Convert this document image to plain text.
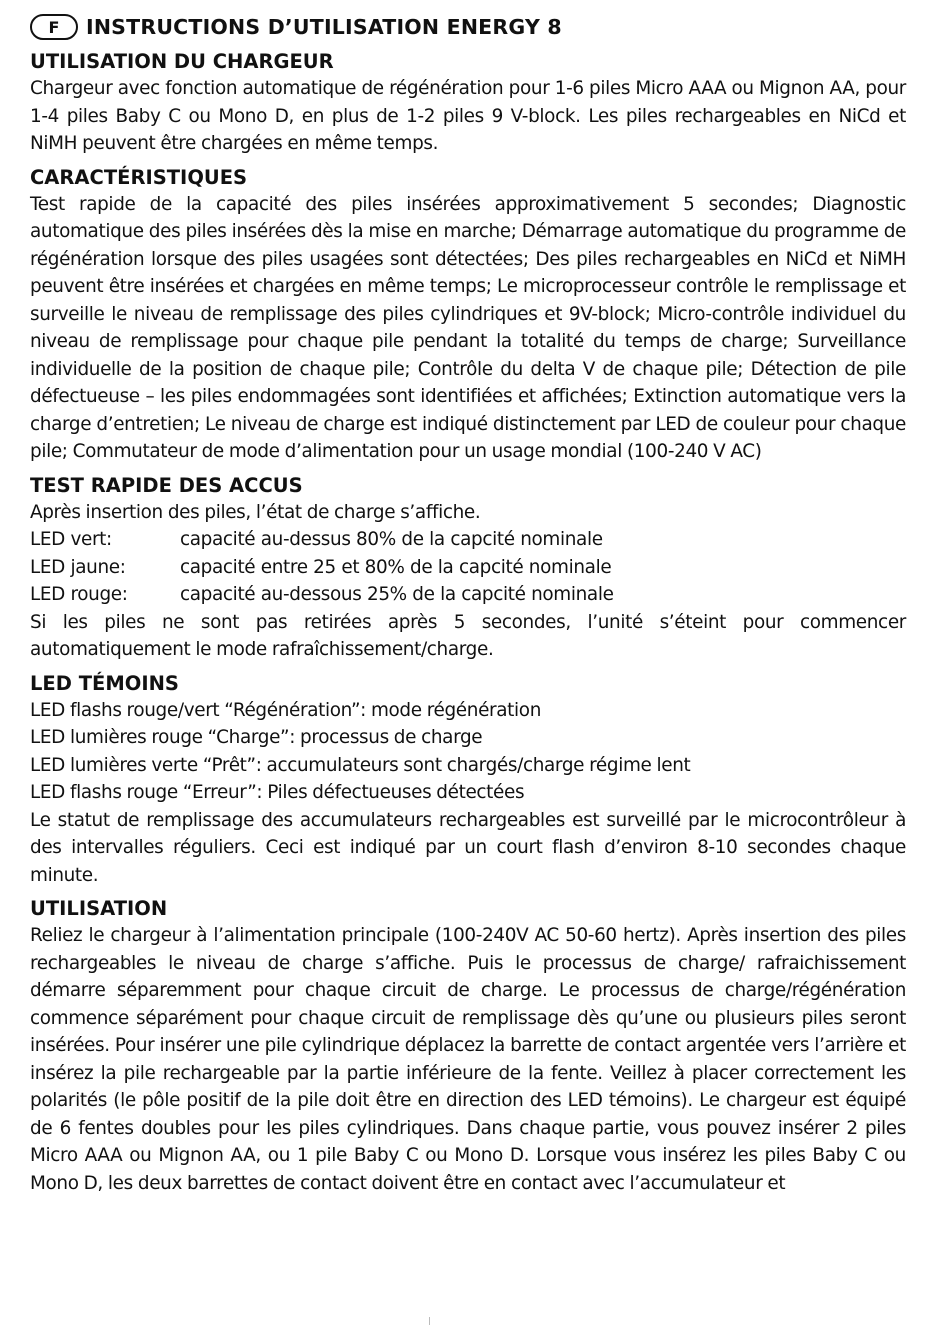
F	INSTRUCTIONS D’UTILISATION ENERGY 8
UTILISATION DU CHARGEUR

Chargeur avec fonction automatique de régénération pour 1-6 piles Micro AAA ou Mignon AA, pour 1-4 piles Baby C ou Mono D, en plus de 1-2 piles 9 V-block. Les piles rechargeables en NiCd et NiMH peuvent être chargées en même temps.

CARACTÉRISTIQUES

Test rapide de la capacité des piles insérées approximativement 5 secondes; Diagnostic automatique des piles insérées dès la mise en marche; Démarrage automatique du programme de régénération lorsque des piles usagées sont détectées; Des piles rechargeables en NiCd et NiMH peuvent être insérées et chargées en même temps; Le microprocesseur contrôle le remplissage et surveille le niveau de remplissage des piles cylindriques et 9V-block; Micro-contrôle individuel du niveau de remplissage pour chaque pile pendant la totalité du temps de charge; Surveillance individuelle de la position de chaque pile; Contrôle du delta V de chaque pile; Détection de pile défectueuse – les piles endommagées sont identifiées et affichées; Extinction automatique vers la charge d’entretien; Le niveau de charge est indiqué distinctement par LED de couleur pour chaque pile; Commutateur de mode d’alimentation pour un usage mondial (100-240 V AC)

TEST RAPIDE DES ACCUS
Après insertion des piles, l’état de charge s’affiche.
LED vert:	capacité au-dessus 80% de la capcité nominale
LED jaune:	capacité entre 25 et 80% de la capcité nominale
LED rouge:	capacité au-dessous 25% de la capcité nominale

Si les piles ne sont pas retirées après 5 secondes, l’unité s’éteint pour commencer automatiquement le mode rafraîchissement/charge.

LED TÉMOINS
LED flashs rouge/vert “Régénération”: mode régénération
LED lumières rouge “Charge”: processus de charge
LED lumières verte “Prêt”: accumulateurs sont chargés/charge régime lent
LED flashs rouge “Erreur”: Piles défectueuses détectées

Le statut de remplissage des accumulateurs rechargeables est surveillé par le microcontrôleur à des intervalles réguliers. Ceci est indiqué par un court flash d’environ 8-10 secondes chaque minute.

UTILISATION

Reliez le chargeur à l’alimentation principale (100-240V AC 50-60 hertz). Après insertion des piles rechargeables le niveau de charge s’affiche. Puis le processus de charge/ rafraichissement démarre séparemment pour chaque circuit de charge. Le processus de charge/régénération commence séparément pour chaque circuit de remplissage dès qu’une ou plusieurs piles seront insérées. Pour insérer une pile cylindrique déplacez la barrette de contact argentée vers l’arrière et insérez la pile rechargeable par la partie inférieure de la fente. Veillez à placer correctement les polarités (le pôle positif de la pile doit être en direction des LED témoins). Le chargeur est équipé de 6 fentes doubles pour les piles cylindriques. Dans chaque partie, vous pouvez insérer 2 piles Micro AAA ou Mignon AA, ou 1 pile Baby C ou Mono D. Lorsque vous insérez les piles Baby C ou Mono D, les deux barrettes de contact doivent être en contact avec l’accumulateur et
